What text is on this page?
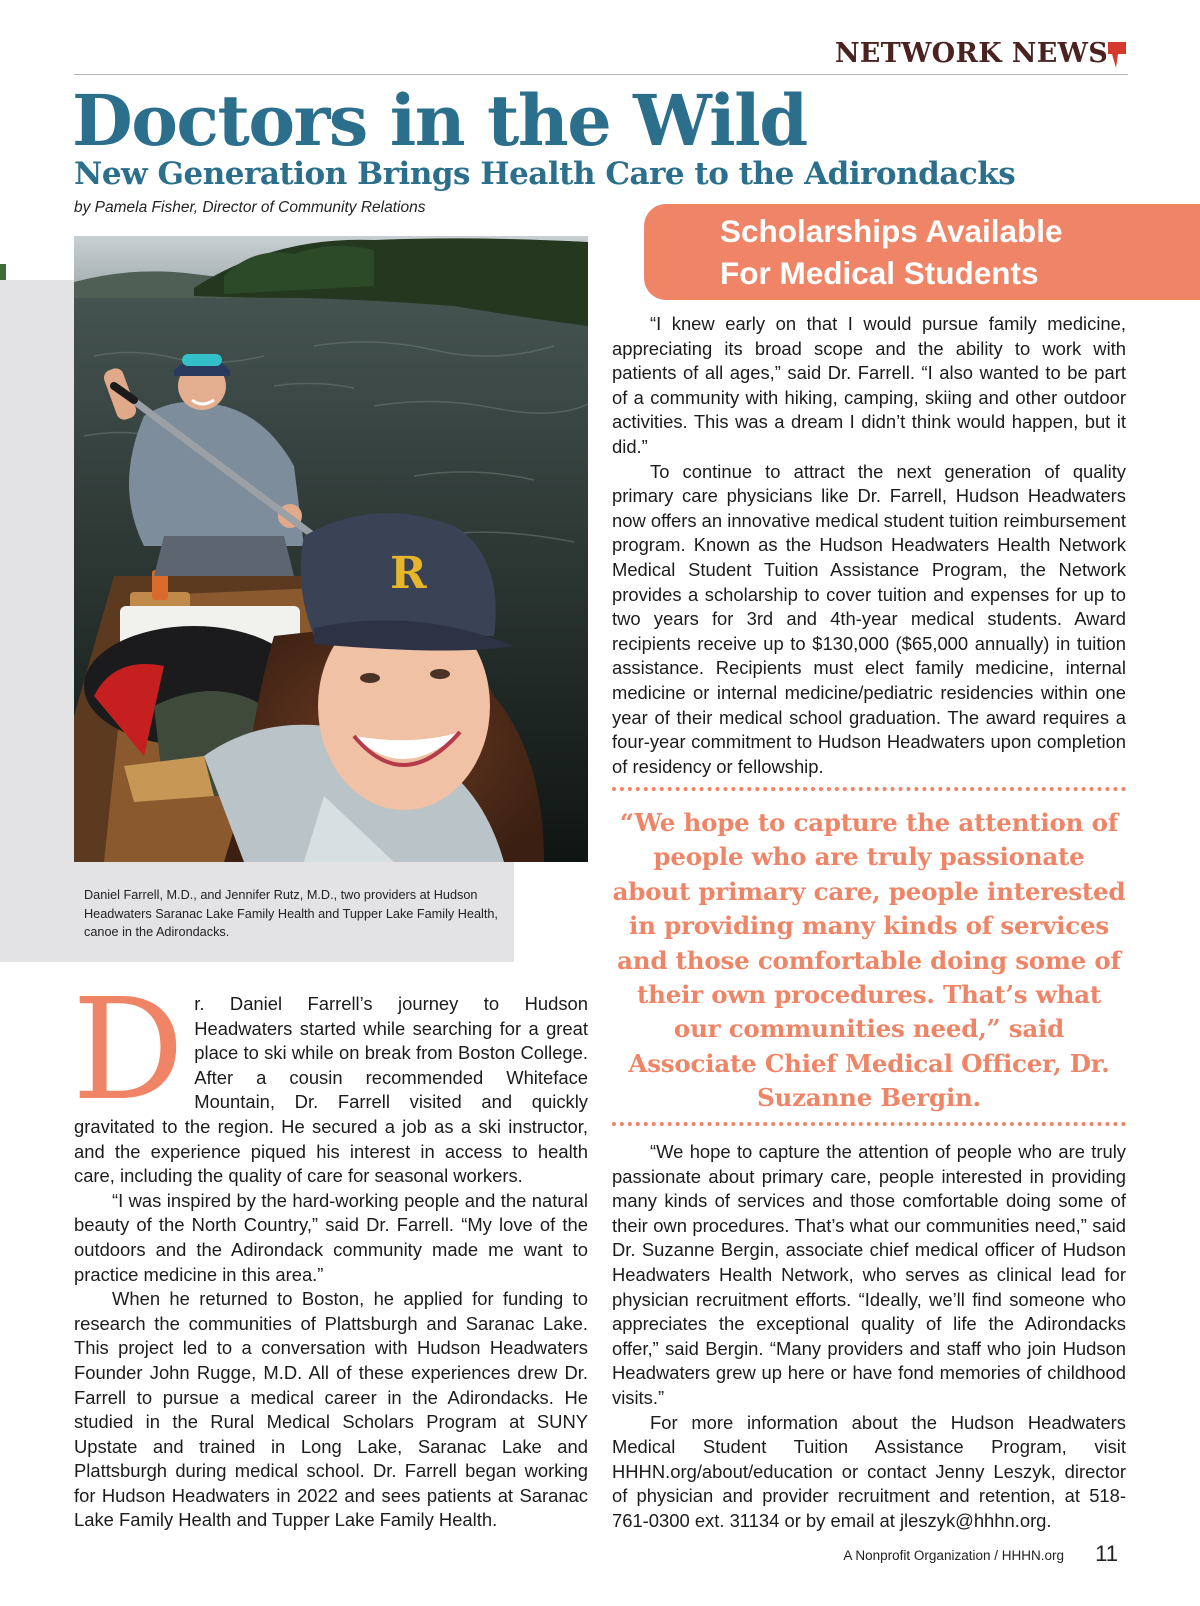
NETWORK NEWS
Doctors in the Wild
New Generation Brings Health Care to the Adirondacks
by Pamela Fisher, Director of Community Relations
R
Daniel Farrell, M.D., and Jennifer Rutz, M.D., two providers at Hudson Headwaters Saranac Lake Family Health and Tupper Lake Family Health, canoe in the Adirondacks.
Scholarships Available
For Medical Students

“I knew early on that I would pursue family medicine, appreciating its broad scope and the ability to work with patients of all ages,” said Dr. Farrell. “I also wanted to be part of a community with hiking, camping, skiing and other outdoor activities. This was a dream I didn’t think would happen, but it did.”

To continue to attract the next generation of quality primary care physicians like Dr. Farrell, Hudson Headwaters now offers an innovative medical student tuition reimbursement program. Known as the Hudson Headwaters Health Network Medical Student Tuition Assistance Program, the Network provides a scholarship to cover tuition and expenses for up to two years for 3rd and 4th-year medical students. Award recipients receive up to $130,000 ($65,000 annually) in tuition assistance. Recipients must elect family medicine, internal medicine or internal medicine/pediatric residencies within one year of their medical school graduation. The award requires a four-year commitment to Hudson Headwaters upon completion of residency or fellowship.

“We hope to capture the attention of people who are truly passionate about primary care, people interested in providing many kinds of services and those comfortable doing some of their own procedures. That’s what our communities need,” said Associate Chief Medical Officer, Dr. Suzanne Bergin.

“We hope to capture the attention of people who are truly passionate about primary care, people interested in providing many kinds of services and those comfortable doing some of their own procedures. That’s what our communities need,” said Dr. Suzanne Bergin, associate chief medical officer of Hudson Headwaters Health Network, who serves as clinical lead for physician recruitment efforts. “Ideally, we’ll find someone who appreciates the exceptional quality of life the Adirondacks offer,” said Bergin. “Many providers and staff who join Hudson Headwaters grew up here or have fond memories of childhood visits.”

For more information about the Hudson Headwaters Medical Student Tuition Assistance Program, visit HHHN.org/about/education or contact Jenny Leszyk, director of physician and provider recruitment and retention, at 518-761-0300 ext. 31134 or by email at jleszyk@hhhn.org.

Dr. Daniel Farrell’s journey to Hudson Headwaters started while searching for a great place to ski while on break from Boston College. After a cousin recommended Whiteface Mountain, Dr. Farrell visited and quickly gravitated to the region. He secured a job as a ski instructor, and the experience piqued his interest in access to health care, including the quality of care for seasonal workers.

“I was inspired by the hard-working people and the natural beauty of the North Country,” said Dr. Farrell. “My love of the outdoors and the Adirondack community made me want to practice medicine in this area.”

When he returned to Boston, he applied for funding to research the communities of Plattsburgh and Saranac Lake. This project led to a conversation with Hudson Headwaters Founder John Rugge, M.D. All of these experiences drew Dr. Farrell to pursue a medical career in the Adirondacks. He studied in the Rural Medical Scholars Program at SUNY Upstate and trained in Long Lake, Saranac Lake and Plattsburgh during medical school. Dr. Farrell began working for Hudson Headwaters in 2022 and sees patients at Saranac Lake Family Health and Tupper Lake Family Health.

A Nonprofit Organization / HHHN.org 11
